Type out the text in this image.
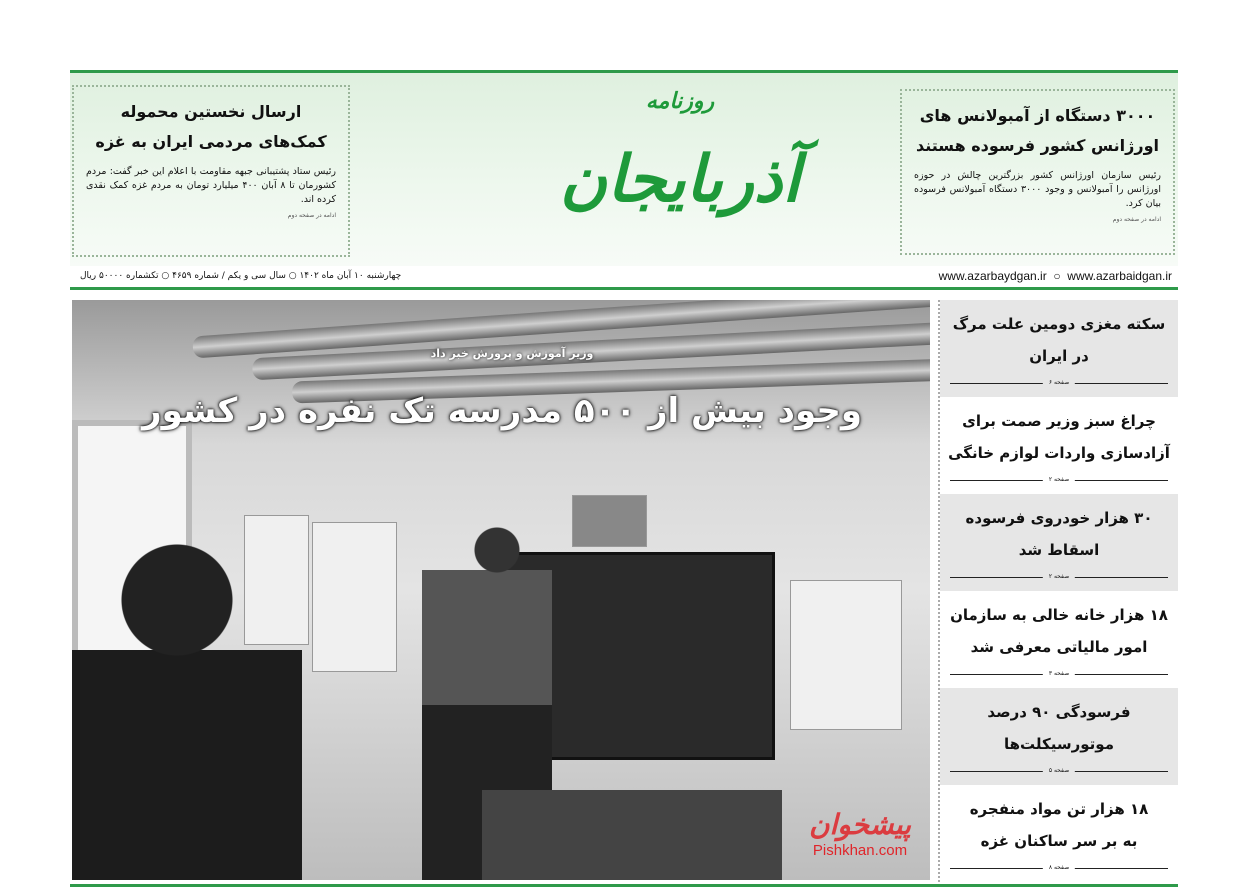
ارسال نخستین محموله
کمک‌های مردمی ایران به غزه

رئیس ستاد پشتیبانی جبهه مقاومت با اعلام این خبر گفت: مردم کشورمان تا ۸ آبان ۴۰۰ میلیارد تومان به مردم غزه کمک نقدی کرده اند.

ادامه در صفحه دوم
روزنامه
آذربایجان
۳۰۰۰ دستگاه از آمبولانس های
اورژانس کشور فرسوده هستند

رئیس سازمان اورژانس کشور بزرگترین چالش در حوزه اورژانس را آمبولانس و وجود ۳۰۰۰ دستگاه آمبولانس فرسوده بیان کرد.

ادامه در صفحه دوم
چهارشنبه ۱۰ آبان ماه ۱۴۰۲ ○ سال سی و یکم / شماره ۴۶۵۹ ○ تکشماره ۵۰۰۰۰ ریال	www.azarbaydgan.ir  ○  www.azarbaidgan.ir
وزیر آموزش و پرورش خبر داد
وجود بیش از ۵۰۰ مدرسه تک نفره در کشور
سکته مغزی دومین علت مرگ
در ایران
صفحه ۶
چراغ سبز وزیر صمت برای
آزادسازی واردات لوازم خانگی
صفحه ۲
۳۰ هزار خودروی فرسوده
اسقاط شد
صفحه ۲
۱۸ هزار خانه خالی به سازمان
امور مالیاتی معرفی شد
صفحه ۳
فرسودگی ۹۰ درصد
موتورسیکلت‌ها
صفحه ۵
۱۸ هزار تن مواد منفجره
به بر سر ساکنان غزه
صفحه ۸
پیشخوان
Pishkhan.com
